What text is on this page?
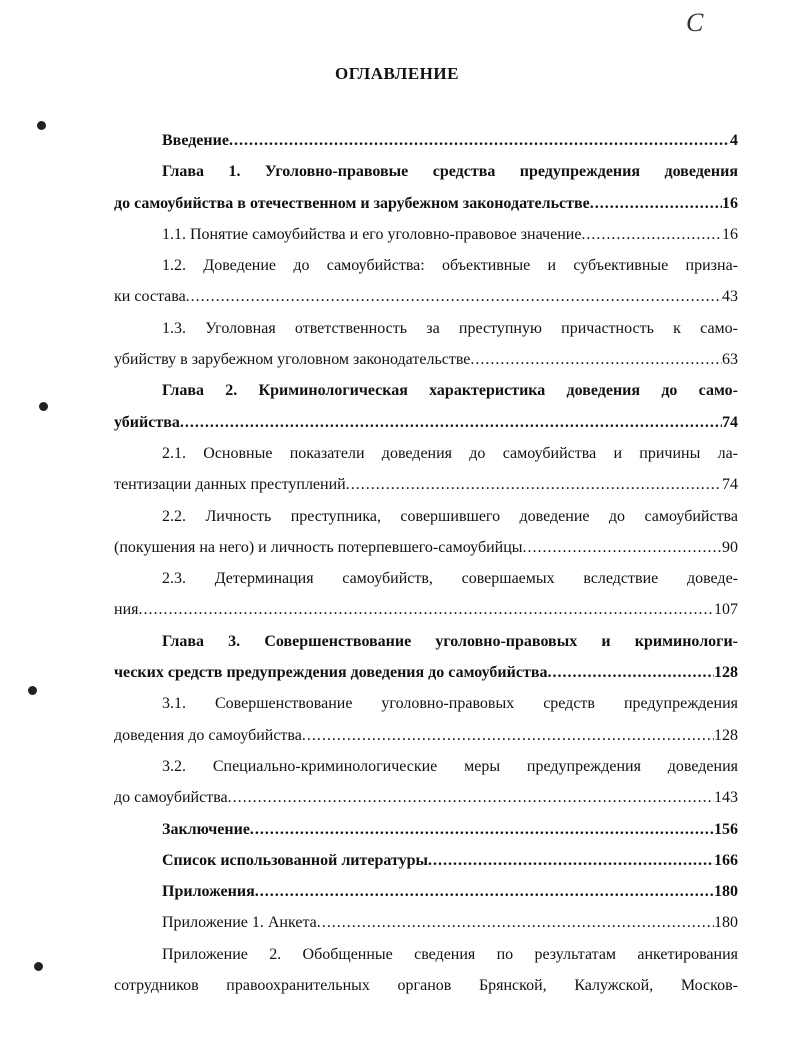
C
ОГЛАВЛЕНИЕ
Введение .....	4
Глава 1. Уголовно-правовые средства предупреждения доведения
до самоубийства в отечественном и зарубежном законодательстве .....	16
1.1. Понятие самоубийства и его уголовно-правовое значение .....	16
1.2. Доведение до самоубийства: объективные и субъективные призна-
ки состава .....	43
1.3. Уголовная ответственность за преступную причастность к само-
убийству в зарубежном уголовном законодательстве .....	63
Глава 2. Криминологическая характеристика доведения до само-
убийства .....	74
2.1. Основные показатели доведения до самоубийства и причины ла-
тентизации данных преступлений .....	74
2.2. Личность преступника, совершившего доведение до самоубийства
(покушения на него) и личность потерпевшего-самоубийцы .....	90
2.3. Детерминация самоубийств, совершаемых вследствие доведе-
ния .....	107
Глава 3. Совершенствование уголовно-правовых и криминологи-
ческих средств предупреждения доведения до самоубийства .....	128
3.1. Совершенствование уголовно-правовых средств предупреждения
доведения до самоубийства .....	128
3.2. Специально-криминологические меры предупреждения доведения
до самоубийства .....	143
Заключение .....	156
Список использованной литературы .....	166
Приложения .....	180
Приложение 1. Анкета .....	180
Приложение 2. Обобщенные сведения по результатам анкетирования
сотрудников правоохранительных органов Брянской, Калужской, Москов-
